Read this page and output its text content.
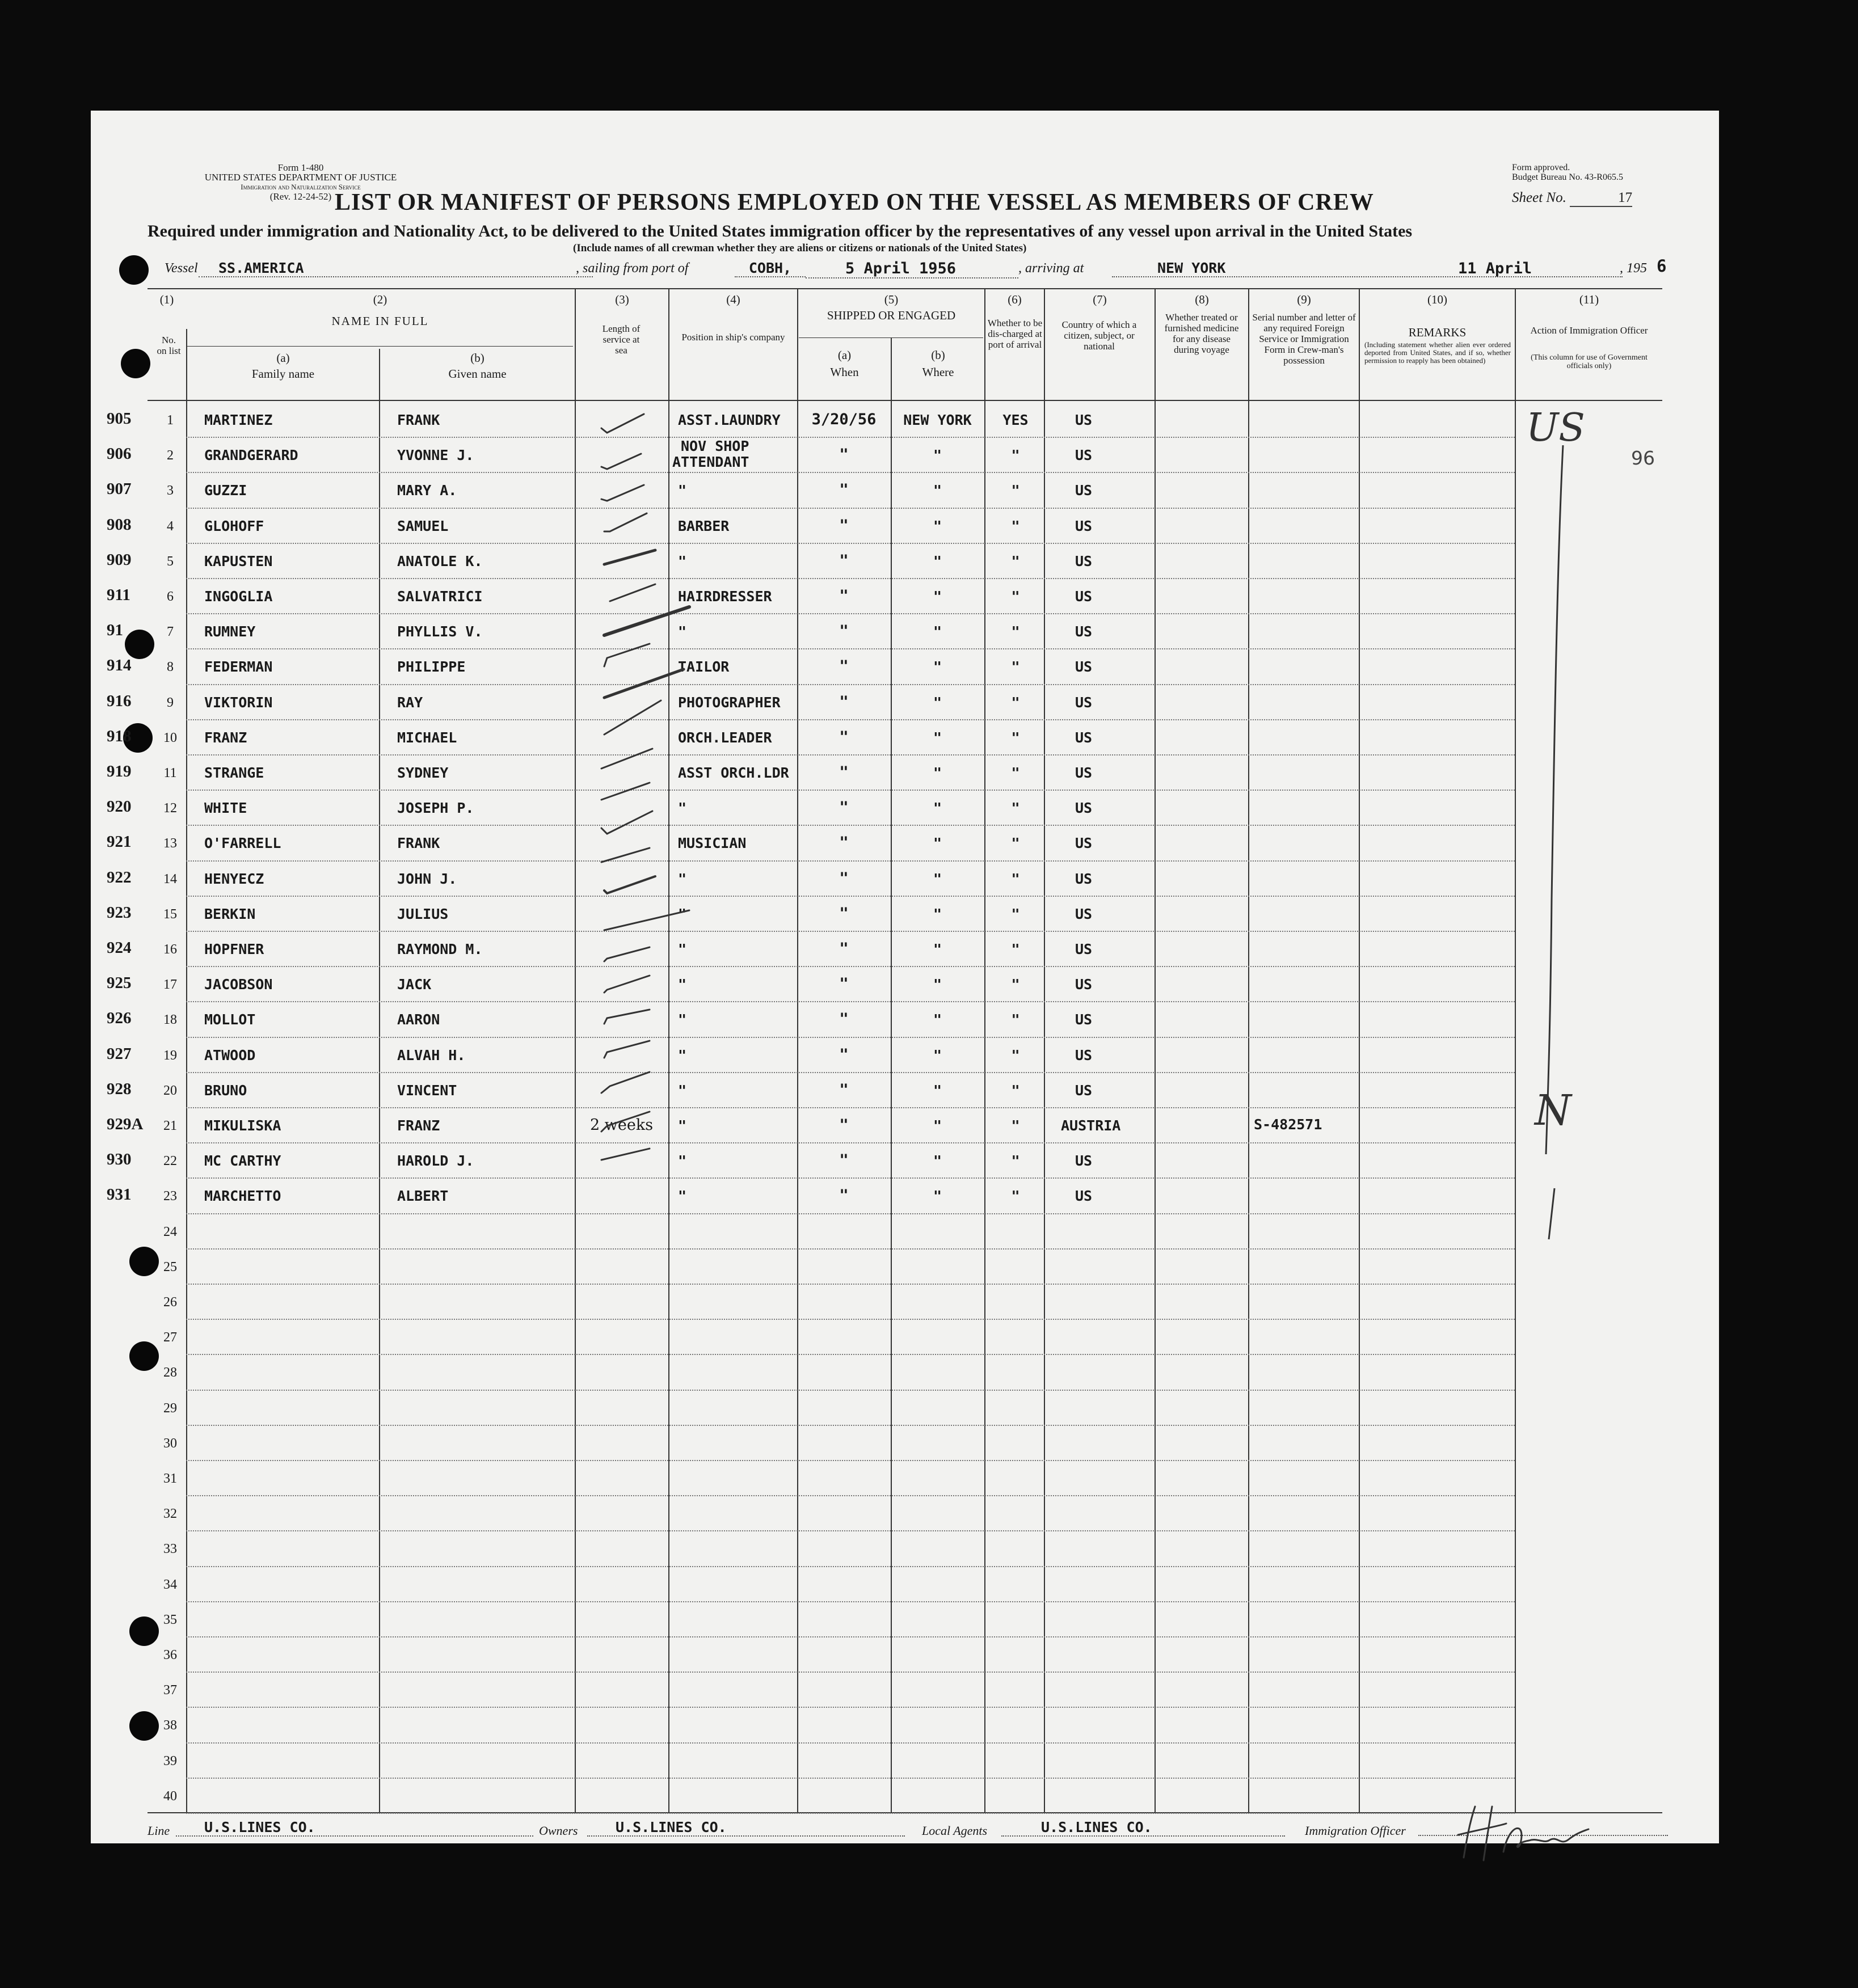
Form 1-480
UNITED STATES DEPARTMENT OF JUSTICE
Immigration and Naturalization Service
(Rev. 12-24-52)
Form approved.
Budget Bureau No. 43-R065.5
Sheet No.	17
LIST OR MANIFEST OF PERSONS EMPLOYED ON THE VESSEL AS MEMBERS OF CREW
Required under immigration and Nationality Act, to be delivered to the United States immigration officer by the representatives of any vessel upon arrival in the United States
(Include names of all crewman whether they are aliens or citizens or nationals of the United States)
Vessel	SS.AMERICA	, sailing from port of	COBH,	5 April 1956	, arriving at	NEW YORK	11 April	, 195 6
(1)
No. on list
(2)
NAME IN FULL
(a)
Family name
(b)
Given name
(3)
Length of service at sea
(4)
Position in ship's company
(5)
SHIPPED OR ENGAGED
(a)
When
(b)
Where
(6)
Whether to be dis-charged at port of arrival
(7)
Country of which a citizen, subject, or national
(8)
Whether treated or furnished medicine for any disease during voyage
(9)
Serial number and letter of any required Foreign Service or Immigration Form in Crew-man's possession
(10)
REMARKS
(Including statement whether alien ever ordered deported from United States, and if so, whether permission to reapply has been obtained)
(11)
Action of Immigration Officer
(This column for use of Government officials only)
905	1	MARTINEZ	FRANK	ASST.LAUNDRY	3/20/56	NEW YORK	YES	US
906	2	GRANDGERARD	YVONNE J.
NOV SHOP
ATTENDANT	"	"	"	US
907	3	GUZZI	MARY A.	"	"	"	"	US
908	4	GLOHOFF	SAMUEL	BARBER	"	"	"	US
909	5	KAPUSTEN	ANATOLE K.	"	"	"	"	US
911	6	INGOGLIA	SALVATRICI	HAIRDRESSER	"	"	"	US
91	7	RUMNEY	PHYLLIS V.	"	"	"	"	US
914	8	FEDERMAN	PHILIPPE	TAILOR	"	"	"	US
916	9	VIKTORIN	RAY	PHOTOGRAPHER	"	"	"	US
918	10	FRANZ	MICHAEL	ORCH.LEADER	"	"	"	US
919	11	STRANGE	SYDNEY	ASST ORCH.LDR	"	"	"	US
920	12	WHITE	JOSEPH P.	"	"	"	"	US
921	13	O'FARRELL	FRANK	MUSICIAN	"	"	"	US
922	14	HENYECZ	JOHN J.	"	"	"	"	US
923	15	BERKIN	JULIUS	"	"	"	"	US
924	16	HOPFNER	RAYMOND M.	"	"	"	"	US
925	17	JACOBSON	JACK	"	"	"	"	US
926	18	MOLLOT	AARON	"	"	"	"	US
927	19	ATWOOD	ALVAH H.	"	"	"	"	US
928	20	BRUNO	VINCENT	"	"	"	"	US
929A	21	MIKULISKA	FRANZ	2 weeks "	"	"	"	AUSTRIA	S-482571
930	22	MC CARTHY	HAROLD J.	"	"	"	"	US
931	23	MARCHETTO	ALBERT	"	"	"	"	US
24
25
26
27
28
29
30
31
32
33
34
35
36
37
38
39
40
US
96
N
Line	U.S.LINES CO.	Owners	U.S.LINES CO.	Local Agents	U.S.LINES CO.	Immigration Officer
